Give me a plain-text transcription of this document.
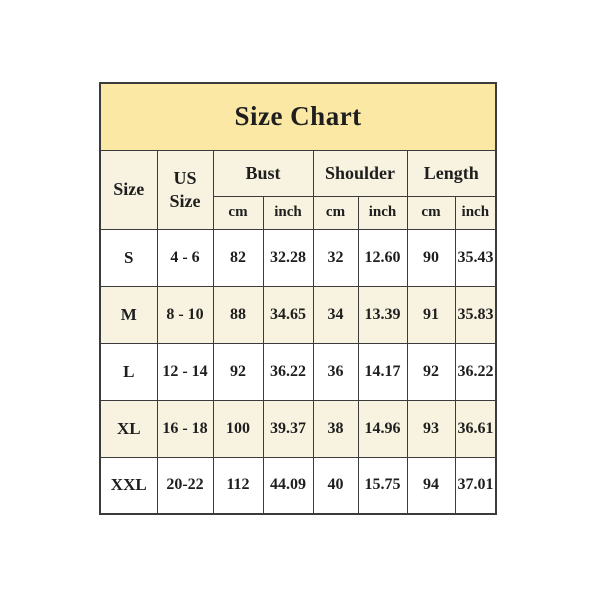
Size Chart							
Size	US Size	Bust		Shoulder		Length	
		cm	inch	cm	inch	cm	inch
S	4 - 6	82	32.28	32	12.60	90	35.43
M	8 - 10	88	34.65	34	13.39	91	35.83
L	12 - 14	92	36.22	36	14.17	92	36.22
XL	16 - 18	100	39.37	38	14.96	93	36.61
XXL	20-22	112	44.09	40	15.75	94	37.01
